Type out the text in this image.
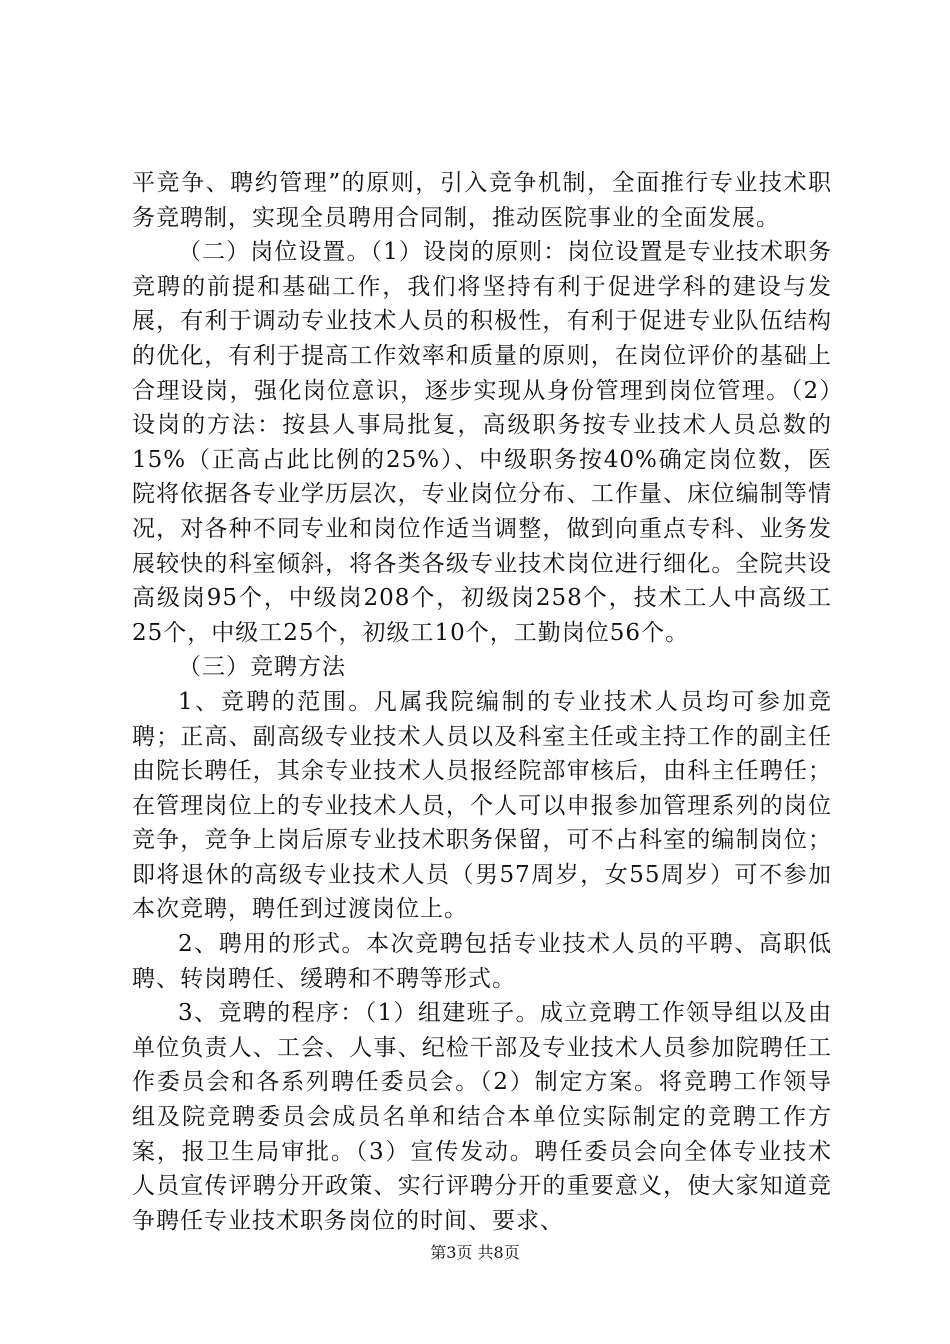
平竞争、聘约管理”的原则，引入竞争机制，全面推行专业技术职务竞聘制，实现全员聘用合同制，推动医院事业的全面发展。

（二）岗位设置。（1）设岗的原则：岗位设置是专业技术职务竞聘的前提和基础工作，我们将坚持有利于促进学科的建设与发展，有利于调动专业技术人员的积极性，有利于促进专业队伍结构的优化，有利于提高工作效率和质量的原则，在岗位评价的基础上合理设岗，强化岗位意识，逐步实现从身份管理到岗位管理。（2）设岗的方法：按县人事局批复，高级职务按专业技术人员总数的15%（正高占此比例的25%）、中级职务按40%确定岗位数，医院将依据各专业学历层次，专业岗位分布、工作量、床位编制等情况，对各种不同专业和岗位作适当调整，做到向重点专科、业务发展较快的科室倾斜，将各类各级专业技术岗位进行细化。全院共设高级岗95个，中级岗208个，初级岗258个，技术工人中高级工25个，中级工25个，初级工10个，工勤岗位56个。

（三）竞聘方法

1、竞聘的范围。凡属我院编制的专业技术人员均可参加竞聘；正高、副高级专业技术人员以及科室主任或主持工作的副主任由院长聘任，其余专业技术人员报经院部审核后，由科主任聘任；在管理岗位上的专业技术人员，个人可以申报参加管理系列的岗位竞争，竞争上岗后原专业技术职务保留，可不占科室的编制岗位；即将退休的高级专业技术人员（男57周岁，女55周岁）可不参加本次竞聘，聘任到过渡岗位上。

2、聘用的形式。本次竞聘包括专业技术人员的平聘、高职低聘、转岗聘任、缓聘和不聘等形式。

3、竞聘的程序：（1）组建班子。成立竞聘工作领导组以及由单位负责人、工会、人事、纪检干部及专业技术人员参加院聘任工作委员会和各系列聘任委员会。（2）制定方案。将竞聘工作领导组及院竞聘委员会成员名单和结合本单位实际制定的竞聘工作方案，报卫生局审批。（3）宣传发动。聘任委员会向全体专业技术人员宣传评聘分开政策、实行评聘分开的重要意义，使大家知道竞争聘任专业技术职务岗位的时间、要求、

第3页 共8页
